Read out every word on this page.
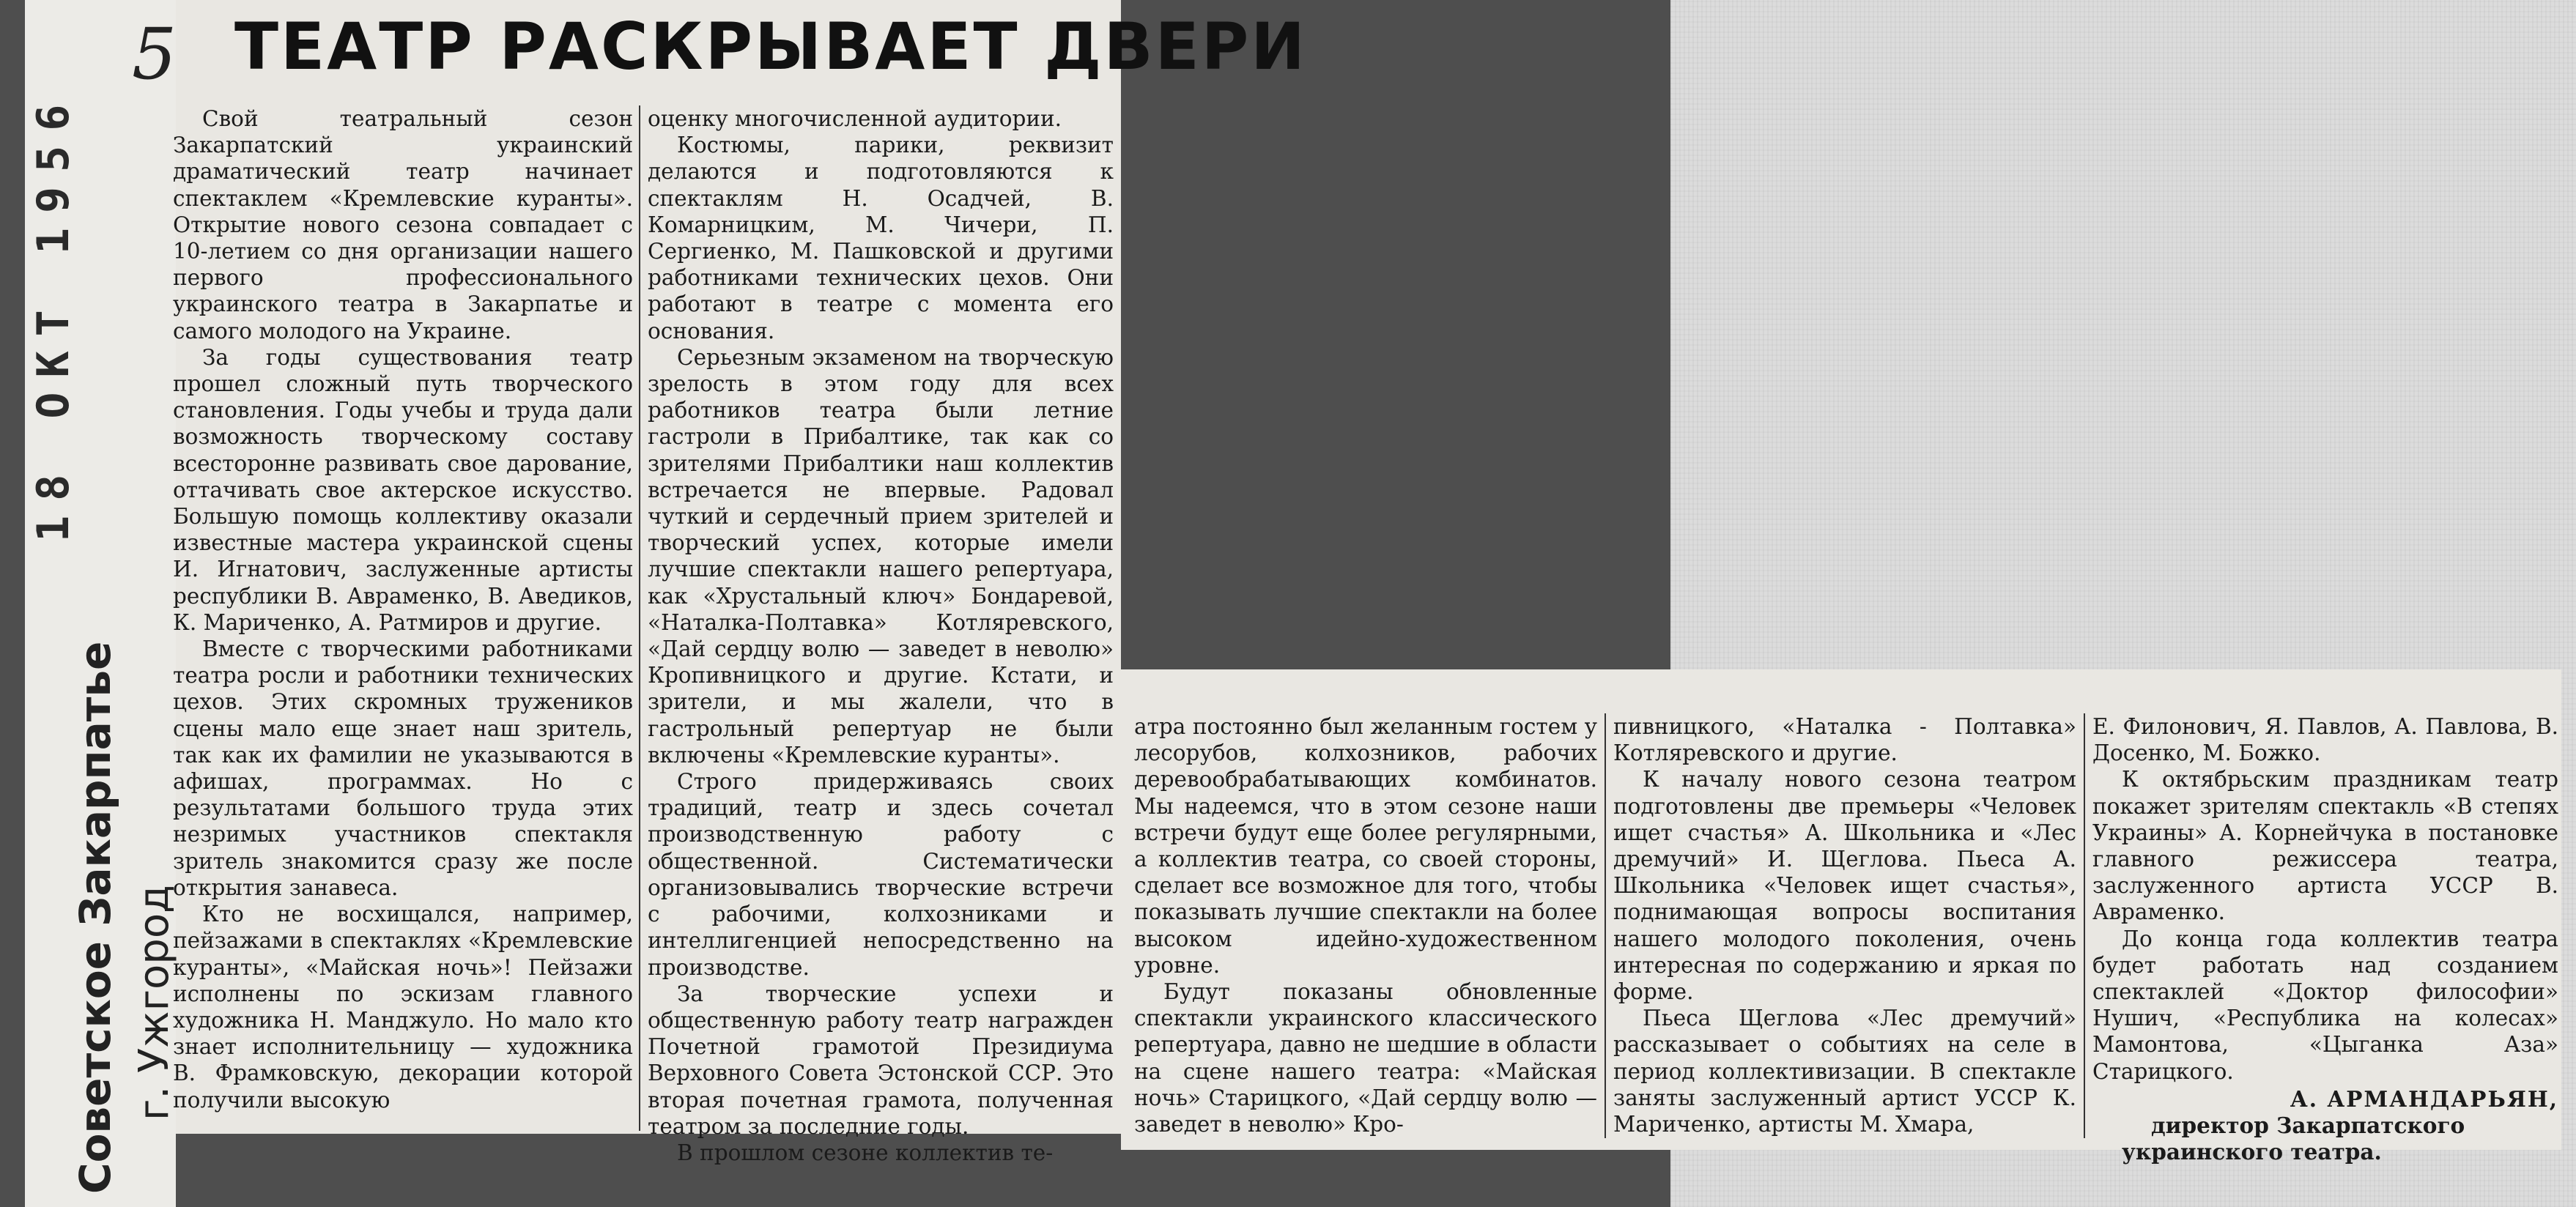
5 ТЕАТР РАСКРЫВАЕТ ДВЕРИ
Советское Закарпатье г. Ужгород

Свой театральный сезон Закарпатский украинский драматический театр начинает спектаклем «Кремлевские куранты». Открытие нового сезона совпадает с 10-летием со дня организации нашего первого профессионального украинского театра в Закарпатье и самого молодого на Украине.

За годы существования театр прошел сложный путь творческого становления. Годы учебы и труда дали возможность творческому составу всесторонне развивать свое дарование, оттачивать свое актерское искусство. Большую помощь коллективу оказали известные мастера украинской сцены И. Игнатович, заслуженные артисты республики В. Авраменко, В. Аведиков, К. Мариченко, А. Ратмиров и другие.

Вместе с творческими работниками театра росли и работники технических цехов. Этих скромных тружеников сцены мало еще знает наш зритель, так как их фамилии не указываются в афишах, программах. Но с результатами большого труда этих незримых участников спектакля зритель знакомится сразу же после открытия занавеса.

Кто не восхищался, например, пейзажами в спектаклях «Кремлевские куранты», «Майская ночь»! Пейзажи исполнены по эскизам главного художника Н. Манджуло. Но мало кто знает исполнительницу — художника В. Фрамковскую, декорации которой получили высокую

оценку многочисленной аудитории.

Костюмы, парики, реквизит делаются и подготовляются к спектаклям Н. Осадчей, В. Комарницким, М. Чичери, П. Сергиенко, М. Пашковской и другими работниками технических цехов. Они работают в театре с момента его основания.

Серьезным экзаменом на творческую зрелость в этом году для всех работников театра были летние гастроли в Прибалтике, так как со зрителями Прибалтики наш коллектив встречается не впервые. Радовал чуткий и сердечный прием зрителей и творческий успех, которые имели лучшие спектакли нашего репертуара, как «Хрустальный ключ» Бондаревой, «Наталка-Полтавка» Котляревского, «Дай сердцу волю — заведет в неволю» Кропивницкого и другие. Кстати, и зрители, и мы жалели, что в гастрольный репертуар не были включены «Кремлевские куранты».

Строго придерживаясь своих традиций, театр и здесь сочетал производственную работу с общественной. Систематически организовывались творческие встречи с рабочими, колхозниками и интеллигенцией непосредственно на производстве.

За творческие успехи и общественную работу театр награжден Почетной грамотой Президиума Верховного Совета Эстонской ССР. Это вторая почетная грамота, полученная театром за последние годы.

В прошлом сезоне коллектив те-

атра постоянно был желанным гостем у лесорубов, колхозников, рабочих деревообрабатывающих комбинатов. Мы надеемся, что в этом сезоне наши встречи будут еще более регулярными, а коллектив театра, со своей стороны, сделает все возможное для того, чтобы показывать лучшие спектакли на более высоком идейно-художественном уровне.

Будут показаны обновленные спектакли украинского классического репертуара, давно не шедшие в области на сцене нашего театра: «Майская ночь» Старицкого, «Дай сердцу волю — заведет в неволю» Кро-

пивницкого, «Наталка - Полтавка» Котляревского и другие.

К началу нового сезона театром подготовлены две премьеры «Человек ищет счастья» А. Школьника и «Лес дремучий» И. Щеглова. Пьеса А. Школьника «Человек ищет счастья», поднимающая вопросы воспитания нашего молодого поколения, очень интересная по содержанию и яркая по форме.

Пьеса Щеглова «Лес дремучий» рассказывает о событиях на селе в период коллективизации. В спектакле заняты заслуженный артист УССР К. Мариченко, артисты М. Хмара,

Е. Филонович, Я. Павлов, А. Павлова, В. Досенко, М. Божко.

К октябрьским праздникам театр покажет зрителям спектакль «В степях Украины» А. Корнейчука в постановке главного режиссера театра, заслуженного артиста УССР В. Авраменко.

До конца года коллектив театра будет работать над созданием спектаклей «Доктор философии» Нушич, «Республика на колесах» Мамонтова, «Цыганка Аза» Старицкого.

А. АРМАНДАРЬЯН,

директор Закарпатского украинского театра.
